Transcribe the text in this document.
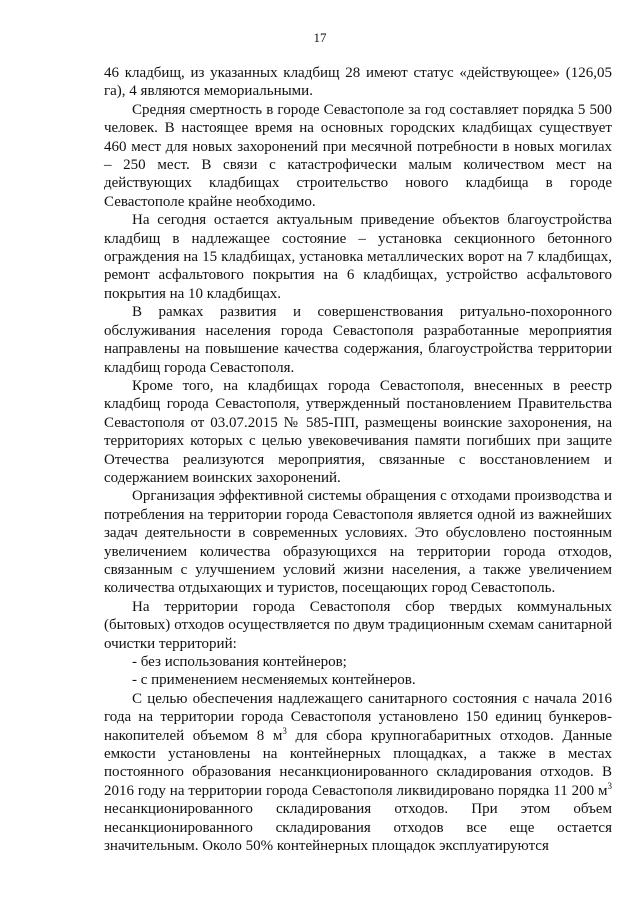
17

46 кладбищ, из указанных кладбищ 28 имеют статус «действующее» (126,05 га), 4 являются мемориальными.

Средняя смертность в городе Севастополе за год составляет порядка 5 500 человек. В настоящее время на основных городских кладбищах существует 460 мест для новых захоронений при месячной потребности в новых могилах – 250 мест. В связи с катастрофически малым количеством мест на действующих кладбищах строительство нового кладбища в городе Севастополе крайне необходимо.

На сегодня остается актуальным приведение объектов благоустройства кладбищ в надлежащее состояние – установка секционного бетонного ограждения на 15 кладбищах, установка металлических ворот на 7 кладбищах, ремонт асфальтового покрытия на 6 кладбищах, устройство асфальтового покрытия на 10 кладбищах.

В рамках развития и совершенствования ритуально-похоронного обслуживания населения города Севастополя разработанные мероприятия направлены на повышение качества содержания, благоустройства территории кладбищ города Севастополя.

Кроме того, на кладбищах города Севастополя, внесенных в реестр кладбищ города Севастополя, утвержденный постановлением Правительства Севастополя от 03.07.2015 № 585-ПП, размещены воинские захоронения, на территориях которых с целью увековечивания памяти погибших при защите Отечества реализуются мероприятия, связанные с восстановлением и содержанием воинских захоронений.

Организация эффективной системы обращения с отходами производства и потребления на территории города Севастополя является одной из важнейших задач деятельности в современных условиях. Это обусловлено постоянным увеличением количества образующихся на территории города отходов, связанным с улучшением условий жизни населения, а также увеличением количества отдыхающих и туристов, посещающих город Севастополь.

На территории города Севастополя сбор твердых коммунальных (бытовых) отходов осуществляется по двум традиционным схемам санитарной очистки территорий:

- без использования контейнеров;

- с применением несменяемых контейнеров.

С целью обеспечения надлежащего санитарного состояния с начала 2016 года на территории города Севастополя установлено 150 единиц бункеров-накопителей объемом 8 $м^3$ для сбора крупногабаритных отходов. Данные емкости установлены на контейнерных площадках, а также в местах постоянного образования несанкционированного складирования отходов. В 2016 году на территории города Севастополя ликвидировано порядка 11 200 $м^3$ несанкционированного складирования отходов. При этом объем несанкционированного складирования отходов все еще остается значительным. Около 50% контейнерных площадок эксплуатируются
